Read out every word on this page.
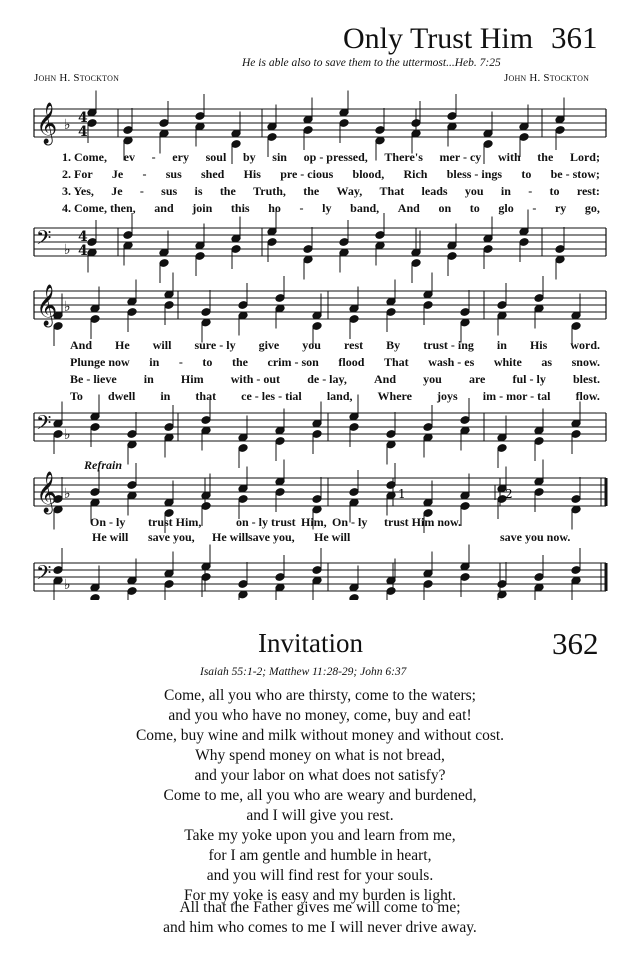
Only Trust Him 361
He is able also to save them to the uttermost...Heb. 7:25
John H. Stockton	John H. Stockton
𝄞 ♭ 4
4
𝄢 ♭
4
4
𝄞 ♭
𝄢 ♭
𝄞 ♭
𝄢 ♭
1	2
1. Come, ev - ery soul by sin op - pressed, There's mer - cy with the Lord;
2. For Je - sus shed His pre - cious blood, Rich bless - ings to be - stow;
3. Yes, Je - sus is the Truth, the Way, That leads you in - to rest:
4. Come, then, and join this ho - ly band, And on to glo - ry go,
And He will sure - ly give you rest By trust - ing in His word.
Plunge now in - to the crim - son flood That wash - es white as snow.
Be - lieve in Him with - out de - lay, And you are ful - ly blest.
To dwell in that ce - les - tial land, Where joys im - mor - tal flow.
Refrain
On - ly trust Him,	on - ly trust Him, On - ly trust Him now.
He will save you, He will save you, He will	save you now.
Invitation	362
Isaiah 55:1-2; Matthew 11:28-29; John 6:37

Come, all you who are thirsty, come to the waters;

and you who have no money, come, buy and eat!

Come, buy wine and milk without money and without cost.

Why spend money on what is not bread,

and your labor on what does not satisfy?

Come to me, all you who are weary and burdened,

and I will give you rest.

Take my yoke upon you and learn from me,

for I am gentle and humble in heart,

and you will find rest for your souls.

For my yoke is easy and my burden is light.

All that the Father gives me will come to me;

and him who comes to me I will never drive away.
